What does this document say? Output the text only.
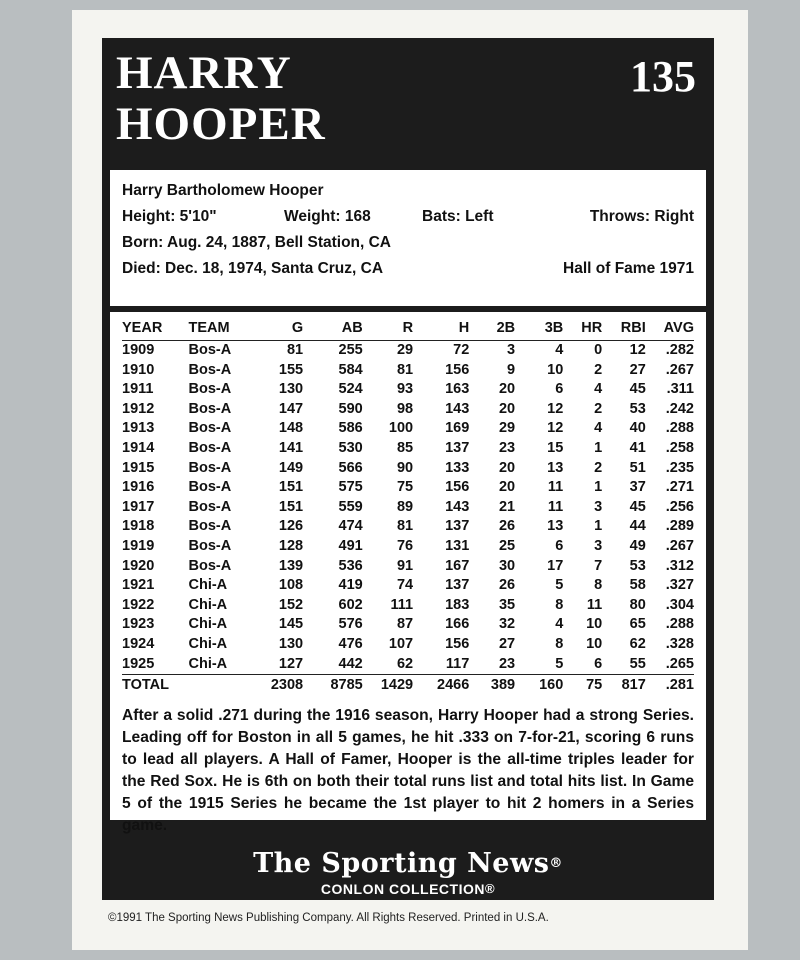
HARRY
HOOPER
135
Harry Bartholomew Hooper
Height: 5'10"	Weight: 168	Bats: Left	Throws: Right
Born: Aug. 24, 1887, Bell Station, CA
Died: Dec. 18, 1974, Santa Cruz, CA	Hall of Fame 1971
YEAR	TEAM	G	AB	R	H	2B	3B	HR	RBI	AVG
1909	Bos-A	81	255	29	72	3	4	0	12	.282
1910	Bos-A	155	584	81	156	9	10	2	27	.267
1911	Bos-A	130	524	93	163	20	6	4	45	.311
1912	Bos-A	147	590	98	143	20	12	2	53	.242
1913	Bos-A	148	586	100	169	29	12	4	40	.288
1914	Bos-A	141	530	85	137	23	15	1	41	.258
1915	Bos-A	149	566	90	133	20	13	2	51	.235
1916	Bos-A	151	575	75	156	20	11	1	37	.271
1917	Bos-A	151	559	89	143	21	11	3	45	.256
1918	Bos-A	126	474	81	137	26	13	1	44	.289
1919	Bos-A	128	491	76	131	25	6	3	49	.267
1920	Bos-A	139	536	91	167	30	17	7	53	.312
1921	Chi-A	108	419	74	137	26	5	8	58	.327
1922	Chi-A	152	602	111	183	35	8	11	80	.304
1923	Chi-A	145	576	87	166	32	4	10	65	.288
1924	Chi-A	130	476	107	156	27	8	10	62	.328
1925	Chi-A	127	442	62	117	23	5	6	55	.265
TOTAL		2308	8785	1429	2466	389	160	75	817	.281
After a solid .271 during the 1916 season, Harry Hooper had a strong Series. Leading off for Boston in all 5 games, he hit .333 on 7-for-21, scoring 6 runs to lead all players. A Hall of Famer, Hooper is the all-time triples leader for the Red Sox. He is 6th on both their total runs list and total hits list. In Game 5 of the 1915 Series he became the 1st player to hit 2 homers in a Series game.
The Sporting News®
CONLON COLLECTION®
©1991 The Sporting News Publishing Company. All Rights Reserved. Printed in U.S.A.
